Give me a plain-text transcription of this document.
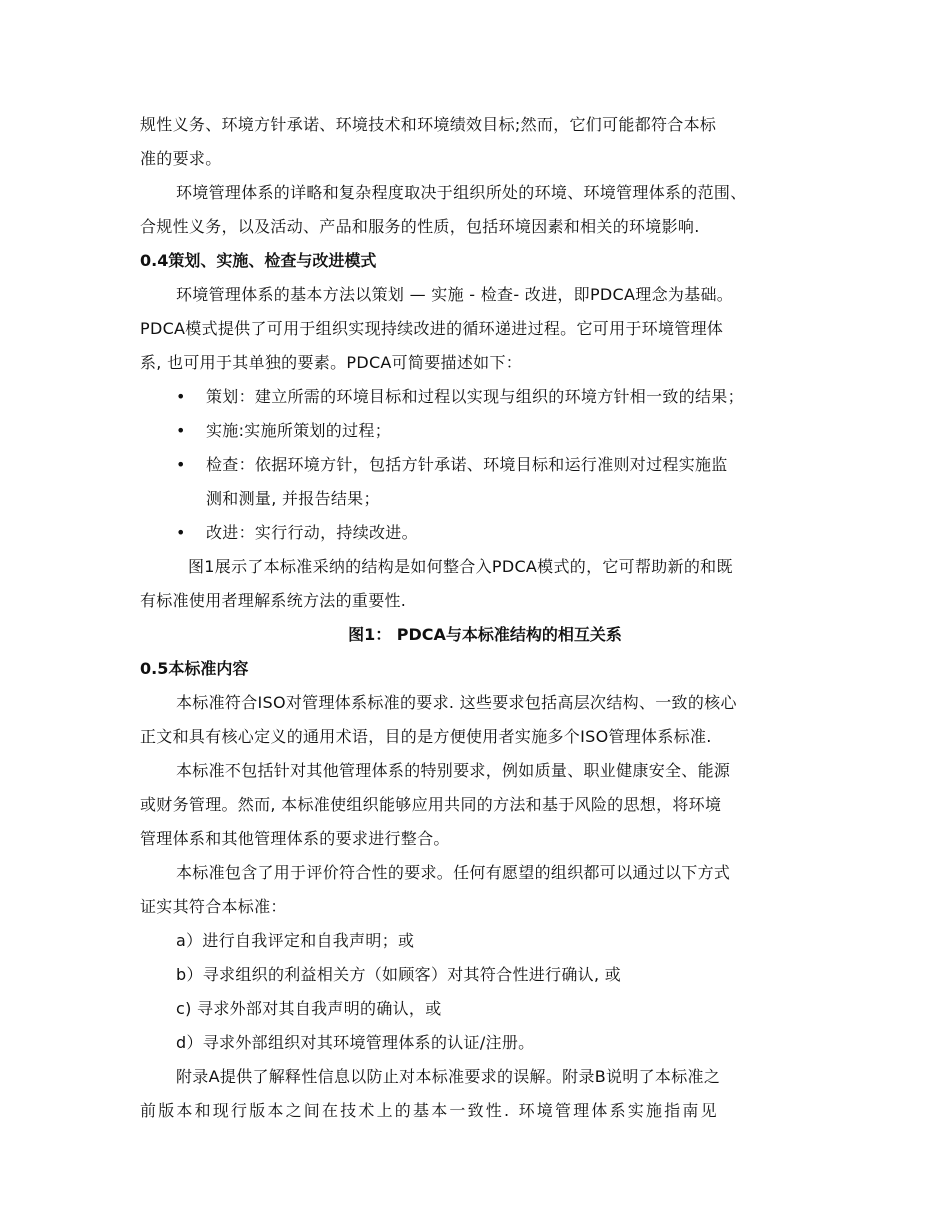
规性义务、环境方针承诺、环境技术和环境绩效目标;然而，它们可能都符合本标

准的要求。

环境管理体系的详略和复杂程度取决于组织所处的环境、环境管理体系的范围、

合规性义务，以及活动、产品和服务的性质，包括环境因素和相关的环境影响.

0.4策划、实施、检查与改进模式

环境管理体系的基本方法以策划 — 实施 - 检查- 改进，即PDCA理念为基础。

PDCA模式提供了可用于组织实现持续改进的循环递进过程。它可用于环境管理体

系, 也可用于其单独的要素。PDCA可简要描述如下：

• 策划：建立所需的环境目标和过程以实现与组织的环境方针相一致的结果；
• 实施:实施所策划的过程；
• 检查：依据环境方针，包括方针承诺、环境目标和运行准则对过程实施监
测和测量, 并报告结果；
• 改进：实行行动，持续改进。

图1展示了本标准采纳的结构是如何整合入PDCA模式的，它可帮助新的和既

有标准使用者理解系统方法的重要性.

图1： PDCA与本标准结构的相互关系

0.5本标准内容

本标准符合ISO对管理体系标准的要求. 这些要求包括高层次结构、一致的核心

正文和具有核心定义的通用术语，目的是方便使用者实施多个ISO管理体系标准.

本标准不包括针对其他管理体系的特别要求，例如质量、职业健康安全、能源

或财务管理。然而, 本标准使组织能够应用共同的方法和基于风险的思想，将环境

管理体系和其他管理体系的要求进行整合。

本标准包含了用于评价符合性的要求。任何有愿望的组织都可以通过以下方式

证实其符合本标准：

a）进行自我评定和自我声明；或

b）寻求组织的利益相关方（如顾客）对其符合性进行确认, 或

c) 寻求外部对其自我声明的确认，或

d）寻求外部组织对其环境管理体系的认证/注册。

附录A提供了解释性信息以防止对本标准要求的误解。附录B说明了本标准之

前版本和现行版本之间在技术上的基本一致性. 环境管理体系实施指南见
